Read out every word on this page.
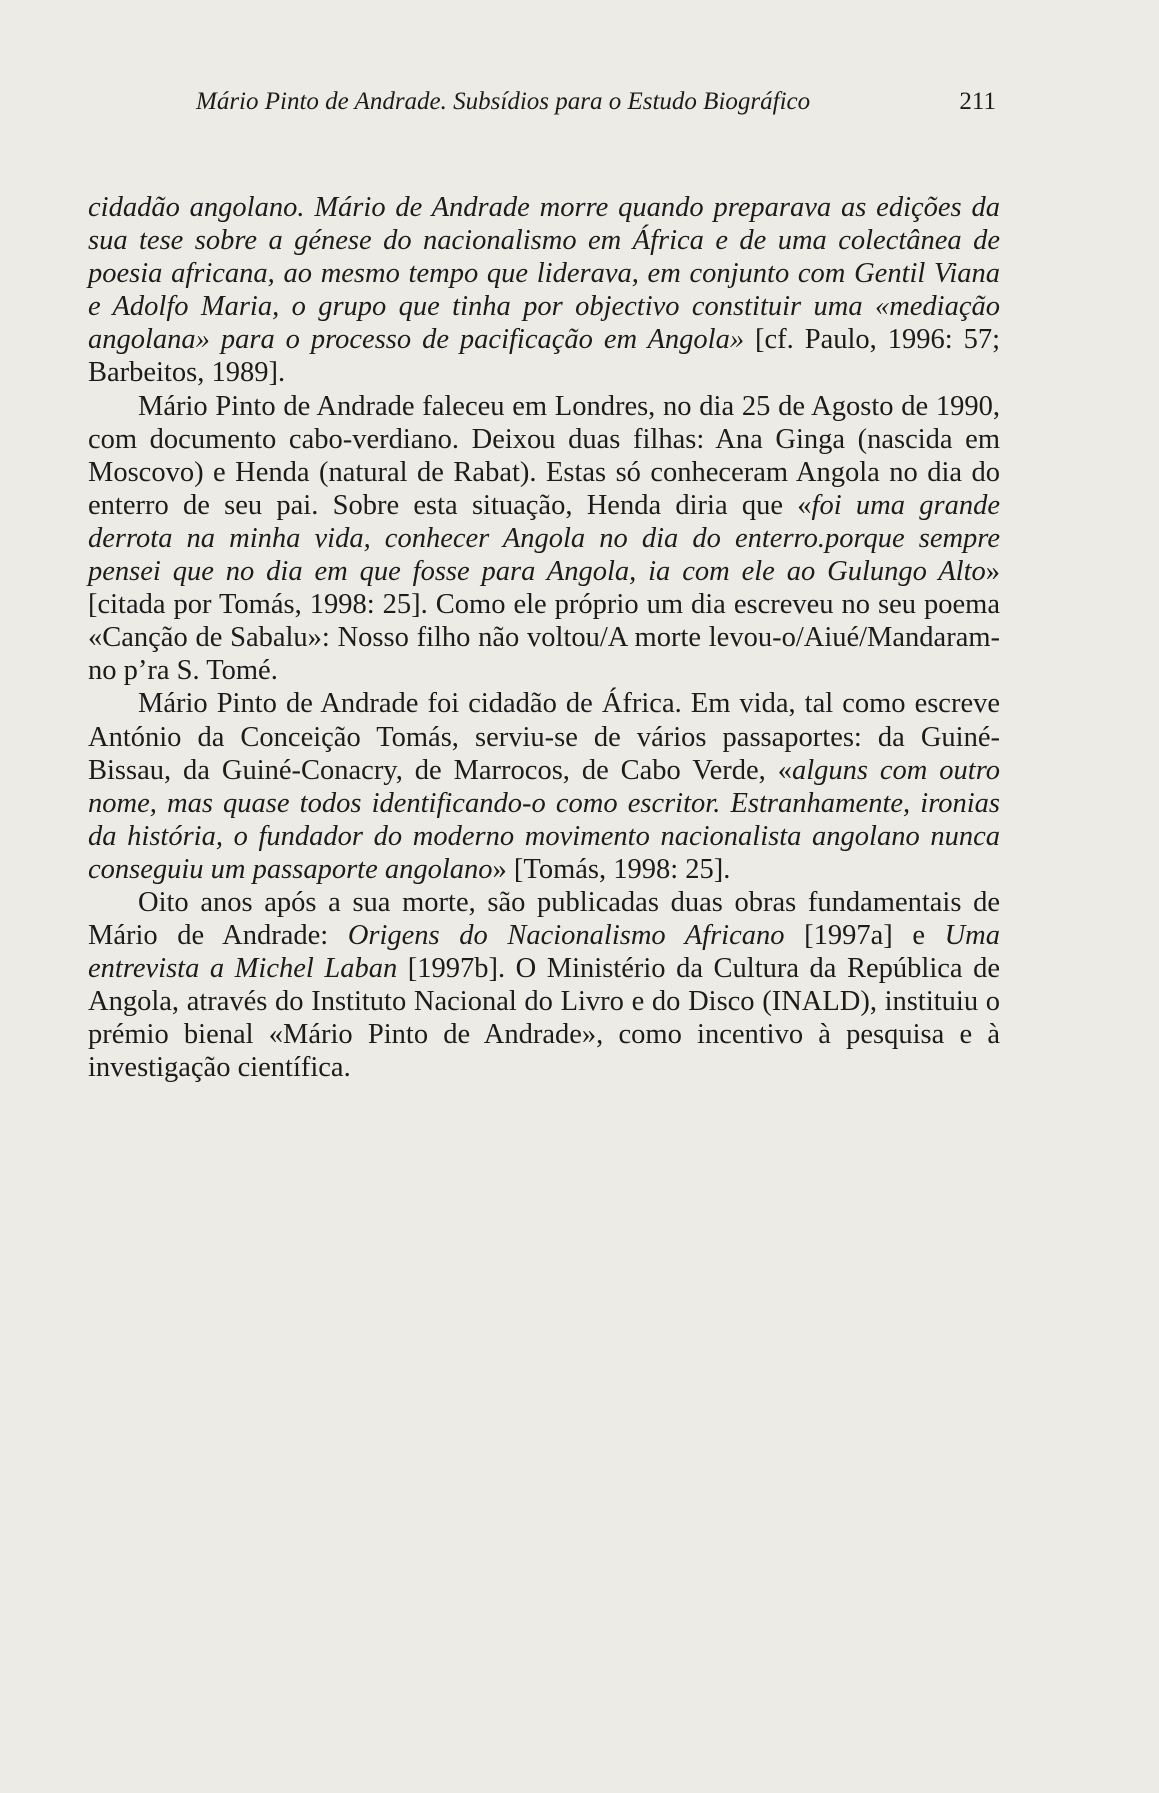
Mário Pinto de Andrade. Subsídios para o Estudo Biográfico	211

cidadão angolano. Mário de Andrade morre quando preparava as edições da sua tese sobre a génese do nacionalismo em África e de uma colectânea de poesia africana, ao mesmo tempo que liderava, em conjunto com Gentil Viana e Adolfo Maria, o grupo que tinha por objectivo constituir uma «mediação angolana» para o processo de pacificação em Angola» [cf. Paulo, 1996: 57; Barbeitos, 1989].

Mário Pinto de Andrade faleceu em Londres, no dia 25 de Agosto de 1990, com documento cabo-verdiano. Deixou duas filhas: Ana Ginga (nascida em Moscovo) e Henda (natural de Rabat). Estas só conheceram Angola no dia do enterro de seu pai. Sobre esta situação, Henda diria que «foi uma grande derrota na minha vida, conhecer Angola no dia do enterro.porque sempre pensei que no dia em que fosse para Angola, ia com ele ao Gulungo Alto» [citada por Tomás, 1998: 25]. Como ele próprio um dia escreveu no seu poema «Canção de Sabalu»: Nosso filho não voltou/A morte levou-o/Aiué/Mandaram-no p’ra S. Tomé.

Mário Pinto de Andrade foi cidadão de África. Em vida, tal como escreve António da Conceição Tomás, serviu-se de vários passaportes: da Guiné-Bissau, da Guiné-Conacry, de Marrocos, de Cabo Verde, «alguns com outro nome, mas quase todos identificando-o como escritor. Estranhamente, ironias da história, o fundador do moderno movimento nacionalista angolano nunca conseguiu um passaporte angolano» [Tomás, 1998: 25].

Oito anos após a sua morte, são publicadas duas obras fundamentais de Mário de Andrade: Origens do Nacionalismo Africano [1997a] e Uma entrevista a Michel Laban [1997b]. O Ministério da Cultura da República de Angola, através do Instituto Nacional do Livro e do Disco (INALD), instituiu o prémio bienal «Mário Pinto de Andrade», como incentivo à pesquisa e à investigação científica.
